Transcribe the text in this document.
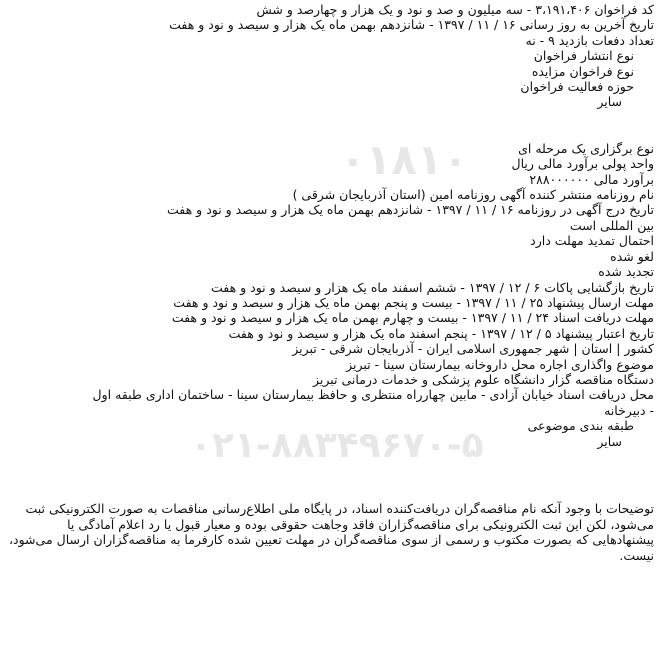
کد فراخوان ۳،۱۹۱،۴۰۶ - سه میلیون و صد و نود و یک هزار و چهارصد و شش

تاریخ آخرین به روز رسانی ۱۶ / ۱۱ / ۱۳۹۷ - شانزدهم بهمن ماه یک هزار و سیصد و نود و هفت

تعداد دفعات بازدید ۹ - نه

نوع انتشار فراخوان

نوع فراخوان مزایده

حوزه فعالیت فراخوان

سایر

نوع برگزاری یک مرحله ای

واحد پولی برآورد مالی ریال

برآورد مالی ۲۸۸۰۰۰۰۰۰

نام روزنامه منتشر کننده آگهی روزنامه امین (استان آذربایجان شرقی )

تاریخ درج آگهی در روزنامه ۱۶ / ۱۱ / ۱۳۹۷ - شانزدهم بهمن ماه یک هزار و سیصد و نود و هفت

بین المللی است

احتمال تمدید مهلت دارد

لغو شده

تجدید شده

تاریخ بازگشایی پاکات ۶ / ۱۲ / ۱۳۹۷ - ششم اسفند ماه یک هزار و سیصد و نود و هفت

مهلت ارسال پیشنهاد ۲۵ / ۱۱ / ۱۳۹۷ - بیست و پنجم بهمن ماه یک هزار و سیصد و نود و هفت

مهلت دریافت اسناد ۲۴ / ۱۱ / ۱۳۹۷ - بیست و چهارم بهمن ماه یک هزار و سیصد و نود و هفت

تاریخ اعتبار پیشنهاد ۵ / ۱۲ / ۱۳۹۷ - پنجم اسفند ماه یک هزار و سیصد و نود و هفت

کشور | استان | شهر جمهوری اسلامی ایران - آذربایجان شرقی - تبریز

موضوع واگذاری اجاره محل داروخانه بیمارستان سینا - تبریز

دستگاه مناقصه گزار دانشگاه علوم پزشکی و خدمات درمانی تبریز

محل دریافت اسناد خیابان آزادی - مابین چهارراه منتظری و حافظ بیمارستان سینا - ساختمان اداری طبقه اول

- دبیرخانه

طبقه بندی موضوعی

سایر

توضیحات با وجود آنکه نام مناقصه‌گران دریافت‌کننده اسناد، در پایگاه ملی اطلاع‌رسانی مناقصات به صورت الکترونیکی ثبت می‌شود، لکن این ثبت الکترونیکی برای مناقصه‌گزاران فاقد وجاهت حقوقی بوده و معیار قبول یا رد اعلام آمادگی یا پیشنهادهایی که بصورت مکتوب و رسمی از سوی مناقصه‌گران در مهلت تعیین شده کارفرما به مناقصه‌گزاران ارسال می‌شود، نیست.

۰۱۸۱۰
۰۲۱-۸۸۳۴۹۶۷۰-۵
